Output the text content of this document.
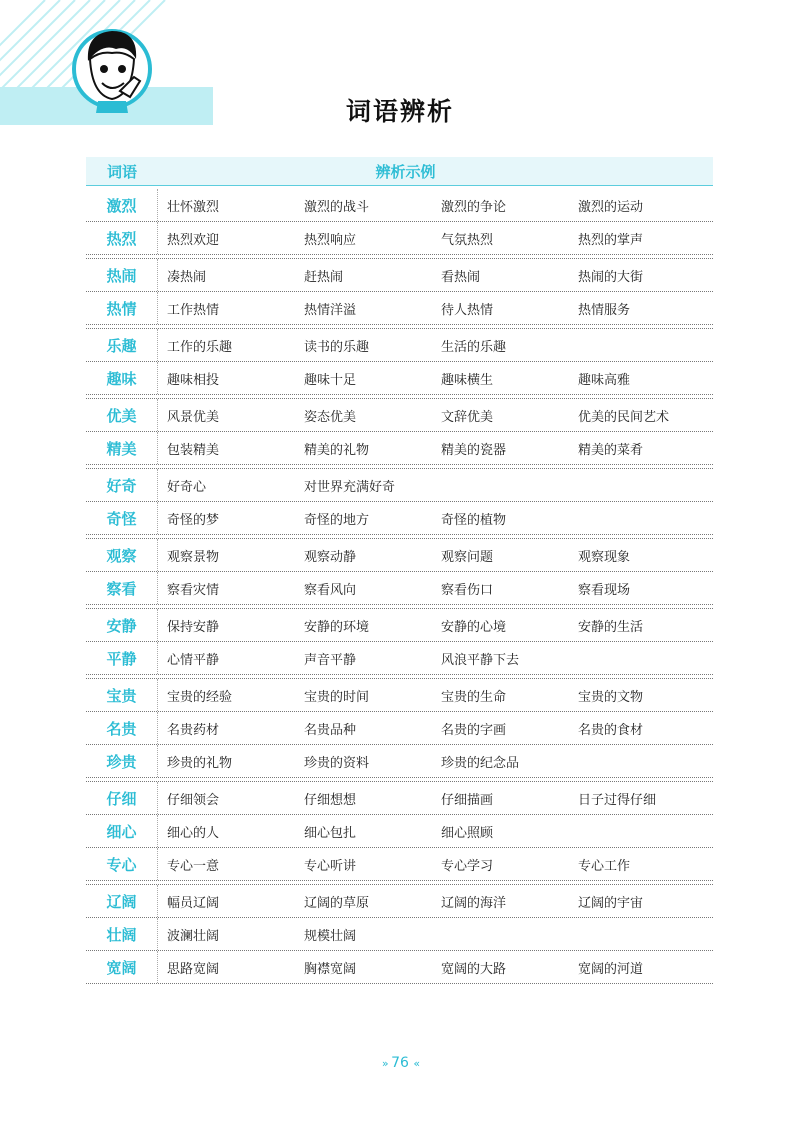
词语辨析
词语	辨析示例
激烈	壮怀激烈	激烈的战斗	激烈的争论	激烈的运动
热烈	热烈欢迎	热烈响应	气氛热烈	热烈的掌声
热闹	凑热闹	赶热闹	看热闹	热闹的大街
热情	工作热情	热情洋溢	待人热情	热情服务
乐趣	工作的乐趣	读书的乐趣	生活的乐趣
趣味	趣味相投	趣味十足	趣味横生	趣味高雅
优美	风景优美	姿态优美	文辞优美	优美的民间艺术
精美	包装精美	精美的礼物	精美的瓷器	精美的菜肴
好奇	好奇心	对世界充满好奇
奇怪	奇怪的梦	奇怪的地方	奇怪的植物
观察	观察景物	观察动静	观察问题	观察现象
察看	察看灾情	察看风向	察看伤口	察看现场
安静	保持安静	安静的环境	安静的心境	安静的生活
平静	心情平静	声音平静	风浪平静下去
宝贵	宝贵的经验	宝贵的时间	宝贵的生命	宝贵的文物
名贵	名贵药材	名贵品种	名贵的字画	名贵的食材
珍贵	珍贵的礼物	珍贵的资料	珍贵的纪念品
仔细	仔细领会	仔细想想	仔细描画	日子过得仔细
细心	细心的人	细心包扎	细心照顾
专心	专心一意	专心听讲	专心学习	专心工作
辽阔	幅员辽阔	辽阔的草原	辽阔的海洋	辽阔的宇宙
壮阔	波澜壮阔	规模壮阔
宽阔	思路宽阔	胸襟宽阔	宽阔的大路	宽阔的河道
» 76 «
